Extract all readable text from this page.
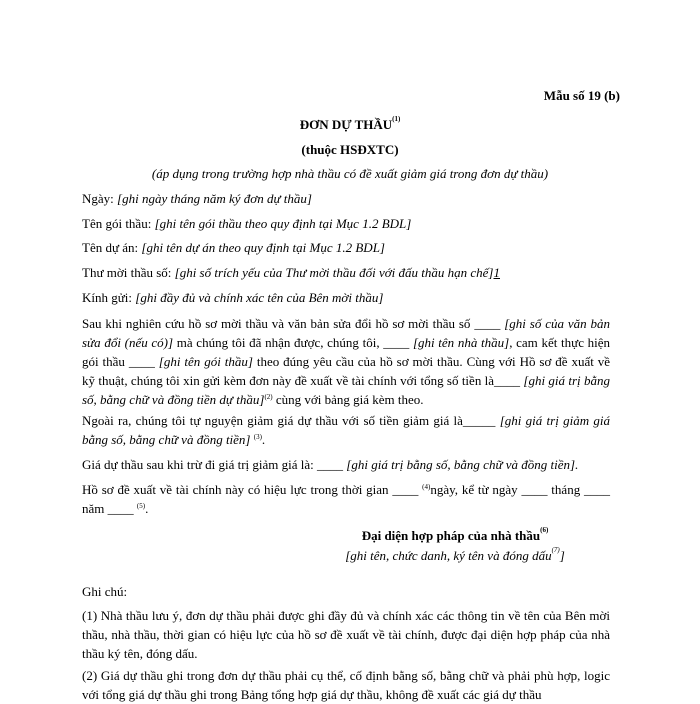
Mẫu số 19 (b)
ĐƠN DỰ THẦU$^{(1)}$
(thuộc HSĐXTC)
(áp dụng trong trường hợp nhà thầu có đề xuất giảm giá trong đơn dự thầu)
Ngày: [ghi ngày tháng năm ký đơn dự thầu]
Tên gói thầu: [ghi tên gói thầu theo quy định tại Mục 1.2 BDL]
Tên dự án: [ghi tên dự án theo quy định tại Mục 1.2 BDL]
Thư mời thầu số: [ghi số trích yếu của Thư mời thầu đối với đấu thầu hạn chế]1
Kính gửi: [ghi đầy đủ và chính xác tên của Bên mời thầu]
Sau khi nghiên cứu hồ sơ mời thầu và văn bản sửa đổi hồ sơ mời thầu số ____ [ghi số của văn bản sửa đổi (nếu có)] mà chúng tôi đã nhận được, chúng tôi, ____ [ghi tên nhà thầu], cam kết thực hiện gói thầu ____ [ghi tên gói thầu] theo đúng yêu cầu của hồ sơ mời thầu. Cùng với Hồ sơ đề xuất về kỹ thuật, chúng tôi xin gửi kèm đơn này đề xuất về tài chính với tổng số tiền là____ [ghi giá trị bằng số, bằng chữ và đồng tiền dự thầu]$^{(2)}$ cùng với bảng giá kèm theo.
Ngoài ra, chúng tôi tự nguyện giảm giá dự thầu với số tiền giảm giá là_____ [ghi giá trị giảm giá bằng số, bằng chữ và đồng tiền] $^{(3)}$.
Giá dự thầu sau khi trừ đi giá trị giảm giá là: ____ [ghi giá trị bằng số, bằng chữ và đồng tiền].
Hồ sơ đề xuất về tài chính này có hiệu lực trong thời gian ____ $^{(4)}$ngày, kể từ ngày ____ tháng ____ năm ____ $^{(5)}$.
Đại diện hợp pháp của nhà thầu$^{(6)}$
[ghi tên, chức danh, ký tên và đóng dấu$^{(7)}$]
Ghi chú:
(1) Nhà thầu lưu ý, đơn dự thầu phải được ghi đầy đủ và chính xác các thông tin về tên của Bên mời thầu, nhà thầu, thời gian có hiệu lực của hồ sơ đề xuất về tài chính, được đại diện hợp pháp của nhà thầu ký tên, đóng dấu.
(2) Giá dự thầu ghi trong đơn dự thầu phải cụ thể, cố định bằng số, bằng chữ và phải phù hợp, logic với tổng giá dự thầu ghi trong Bảng tổng hợp giá dự thầu, không đề xuất các giá dự thầu
